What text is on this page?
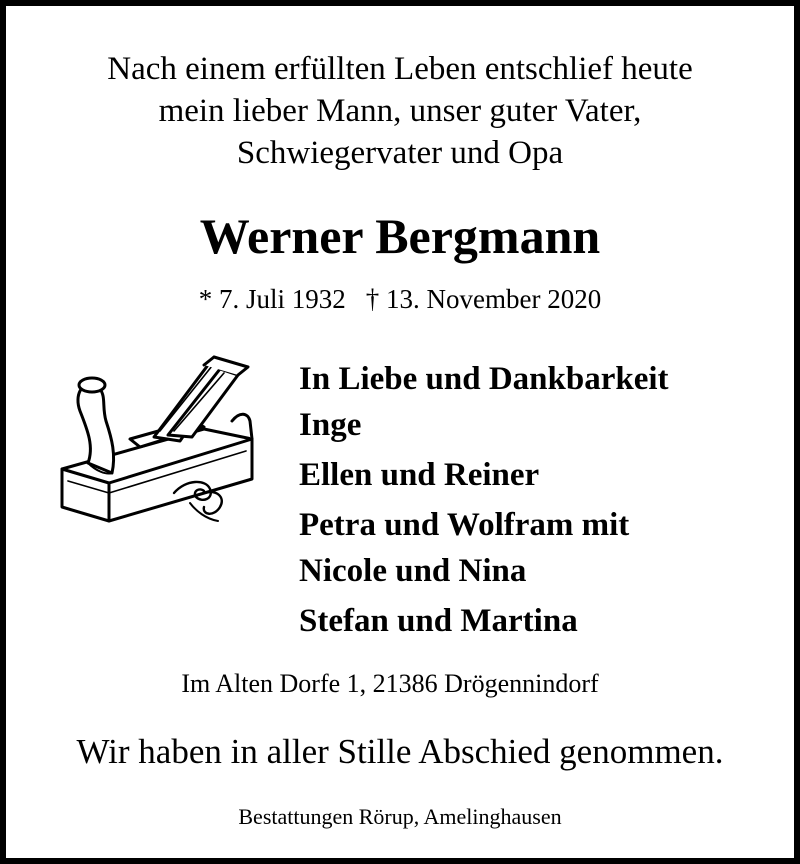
Nach einem erfüllten Leben entschlief heute
mein lieber Mann, unser guter Vater,
Schwiegervater und Opa
Werner Bergmann
* 7. Juli 1932 † 13. November 2020
In Liebe und Dankbarkeit
Inge
Ellen und Reiner
Petra und Wolfram mit
Nicole und Nina
Stefan und Martina
Im Alten Dorfe 1, 21386 Drögennindorf
Wir haben in aller Stille Abschied genommen.
Bestattungen Rörup, Amelinghausen
